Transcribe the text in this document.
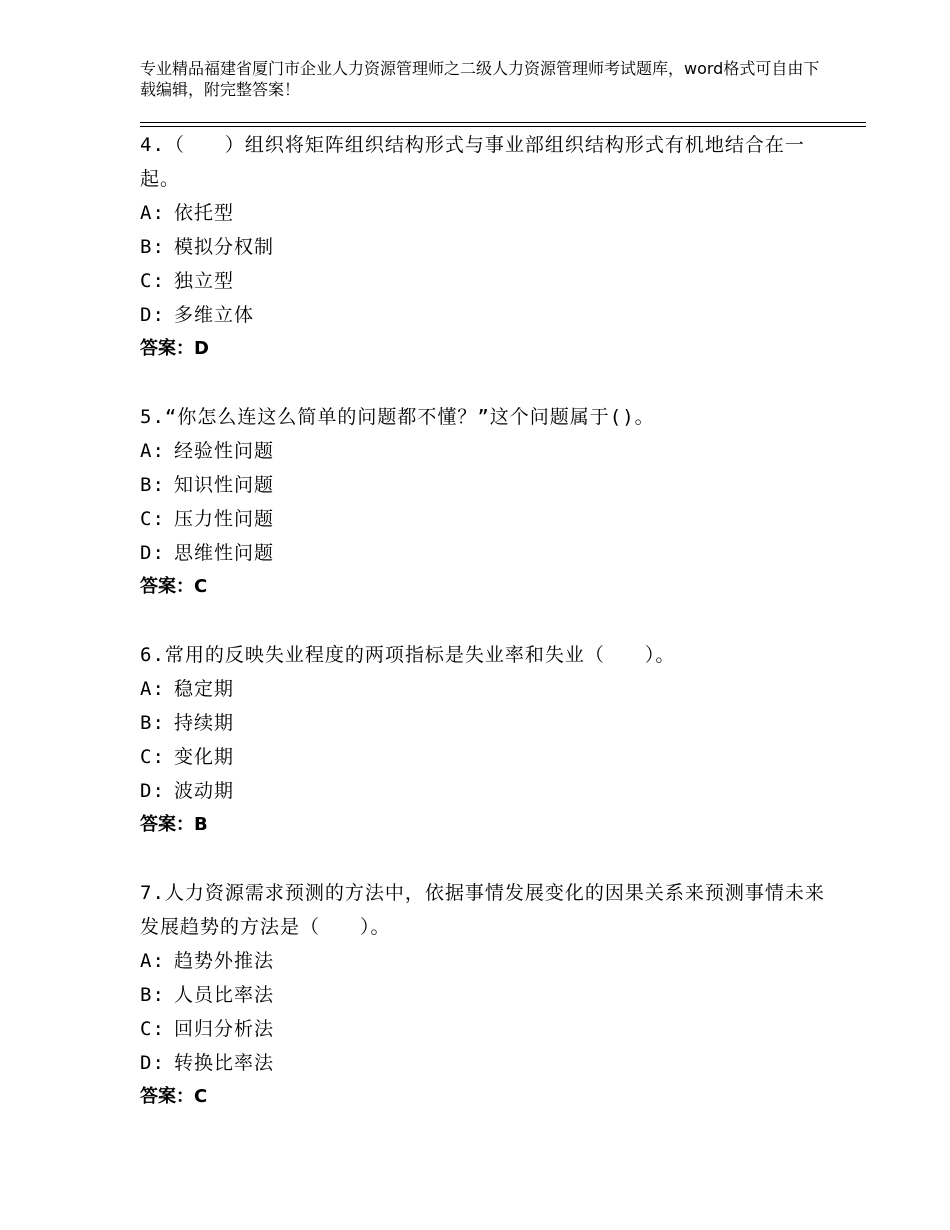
专业精品福建省厦门市企业人力资源管理师之二级人力资源管理师考试题库，word格式可自由下载编辑，附完整答案！
4.（　　）组织将矩阵组织结构形式与事业部组织结构形式有机地结合在一起。
A: 依托型
B: 模拟分权制
C: 独立型
D: 多维立体
答案：D
5.“你怎么连这么简单的问题都不懂？”这个问题属于()。
A: 经验性问题
B: 知识性问题
C: 压力性问题
D: 思维性问题
答案：C
6.常用的反映失业程度的两项指标是失业率和失业（　　）。
A: 稳定期
B: 持续期
C: 变化期
D: 波动期
答案：B
7.人力资源需求预测的方法中，依据事情发展变化的因果关系来预测事情未来发展趋势的方法是（　　）。
A: 趋势外推法
B: 人员比率法
C: 回归分析法
D: 转换比率法
答案：C
